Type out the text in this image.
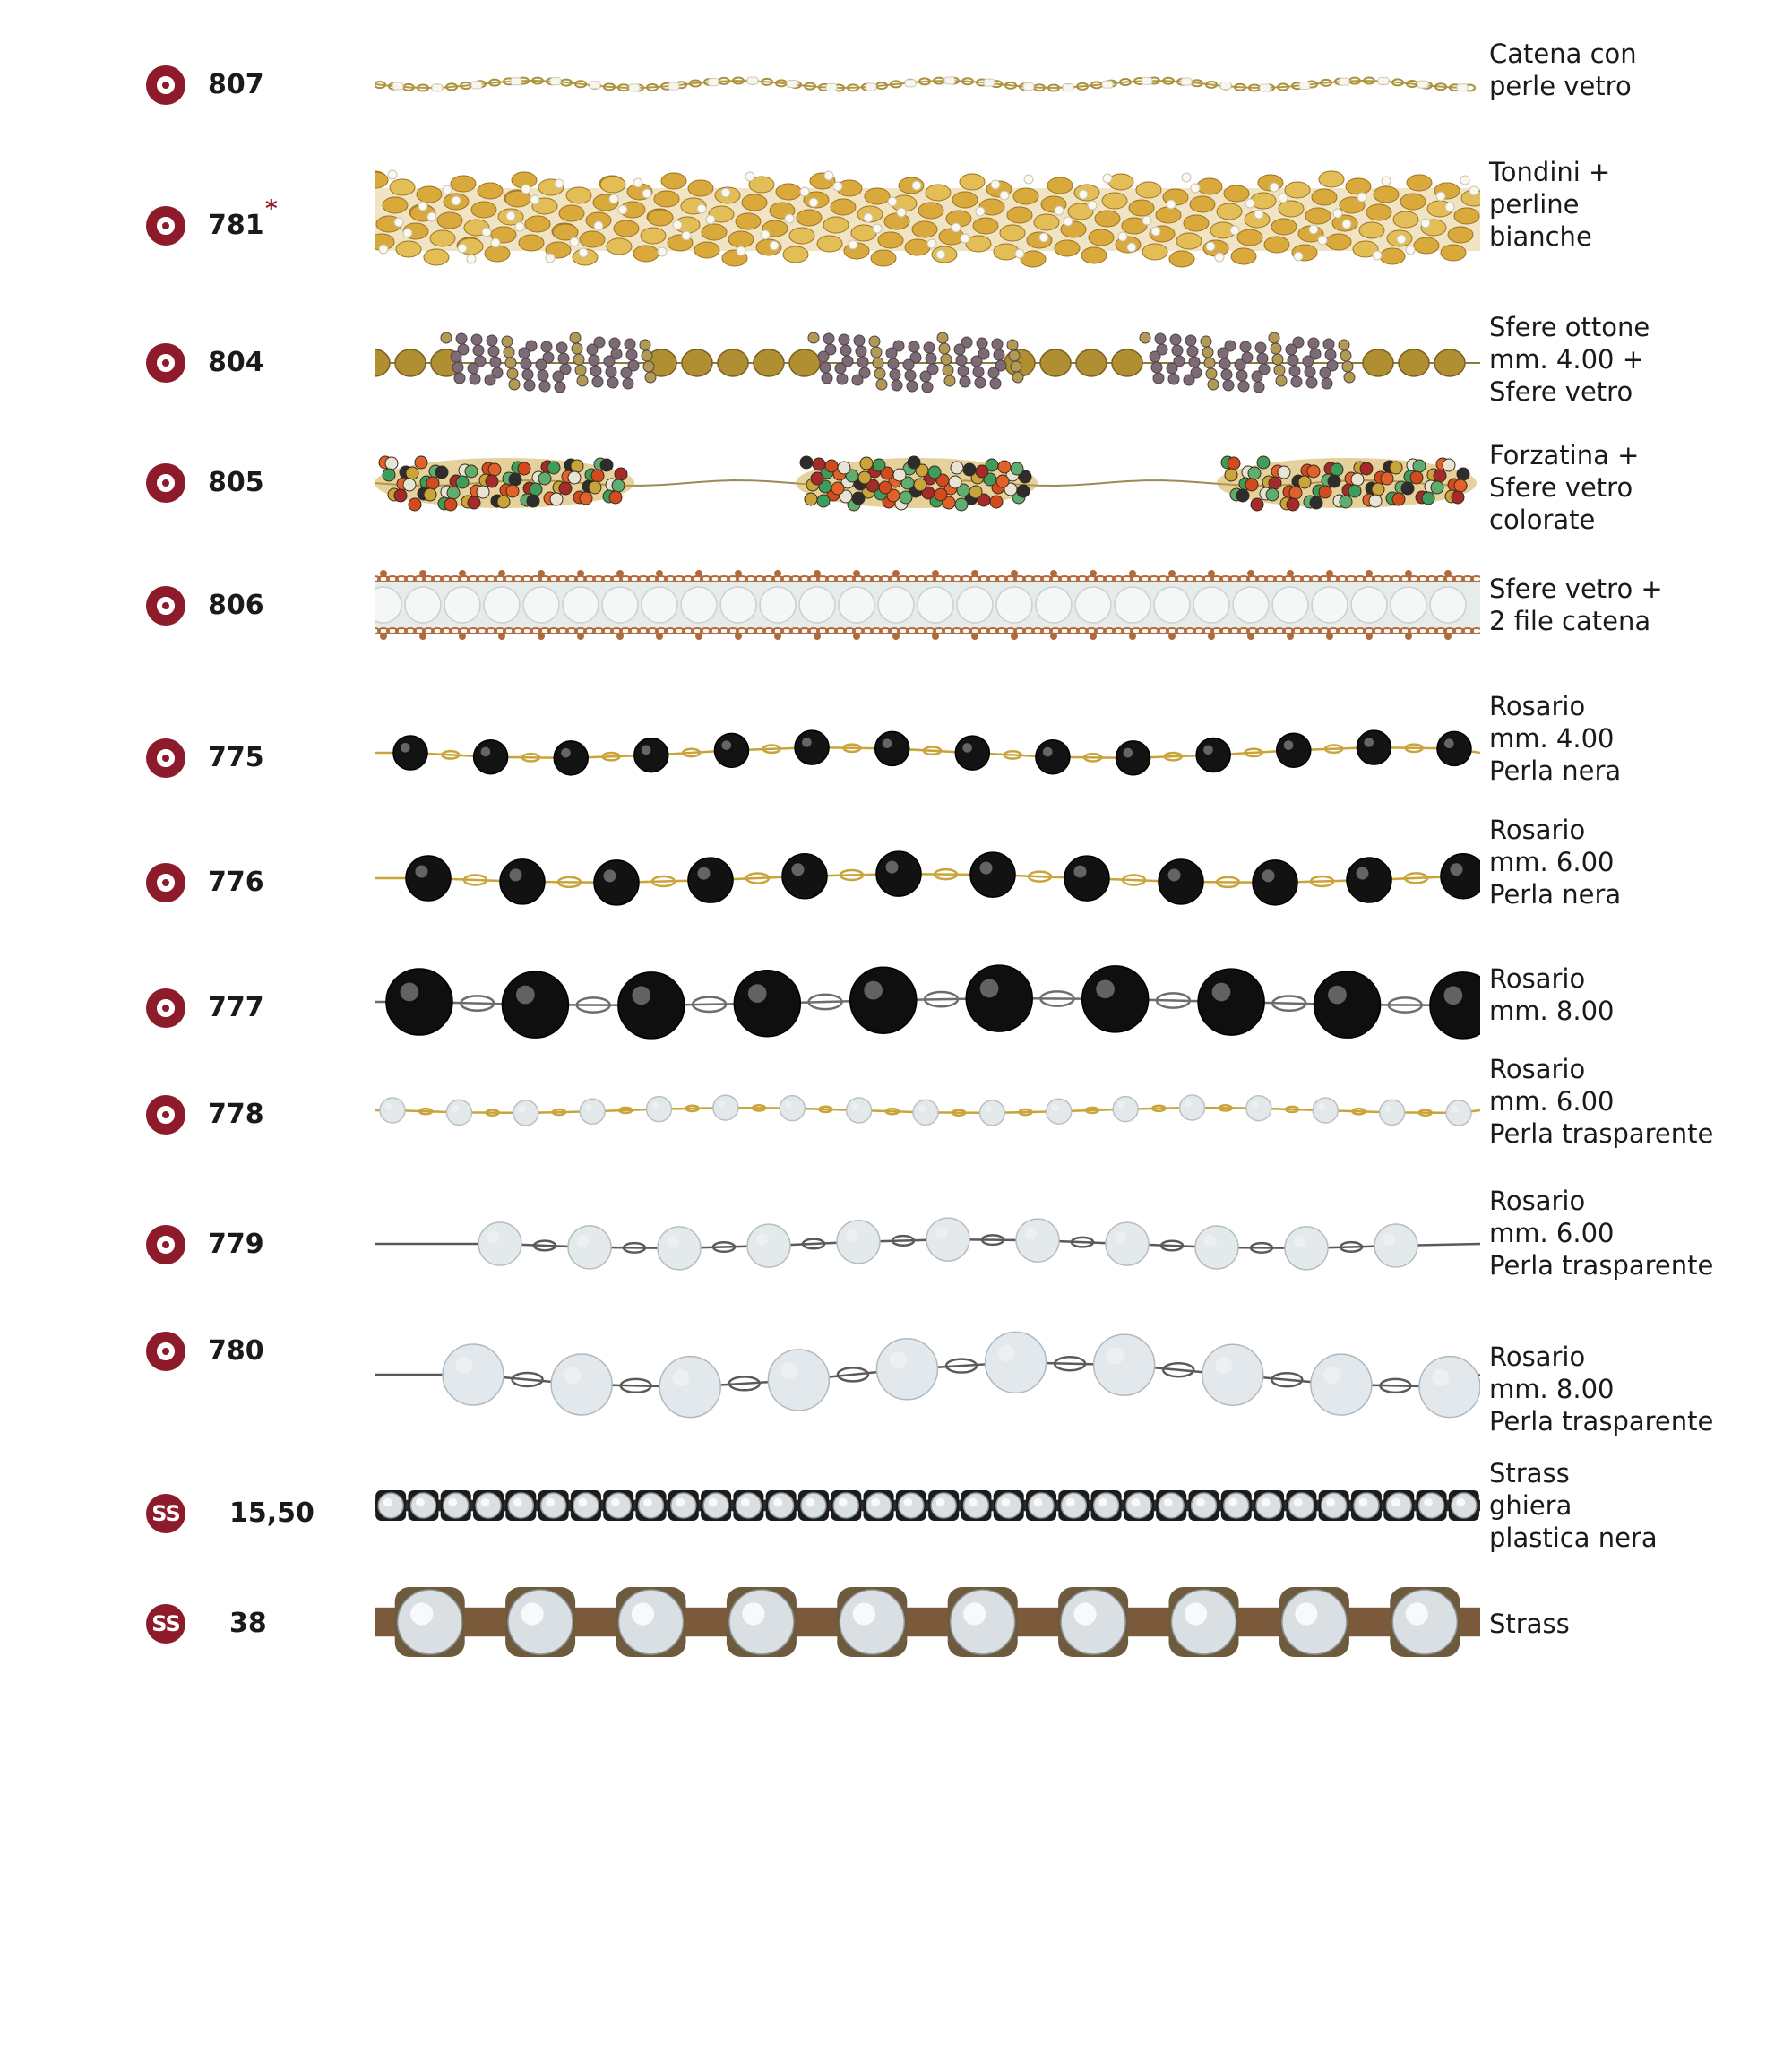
807
Catena con
perle vetro
781
*
Tondini +
perline
bianche
804
Sfere ottone
mm. 4.00 +
Sfere vetro
805
Forzatina +
Sfere vetro
colorate
806
Sfere vetro +
2 file catena
775
Rosario
mm. 4.00
Perla nera
776
Rosario
mm. 6.00
Perla nera
777
Rosario
mm. 8.00
778
Rosario
mm. 6.00
Perla trasparente
779
Rosario
mm. 6.00
Perla trasparente
780	Rosario
mm. 8.00
Perla trasparente
SS 15,50
Strass
ghiera
plastica nera
SS 38	Strass
